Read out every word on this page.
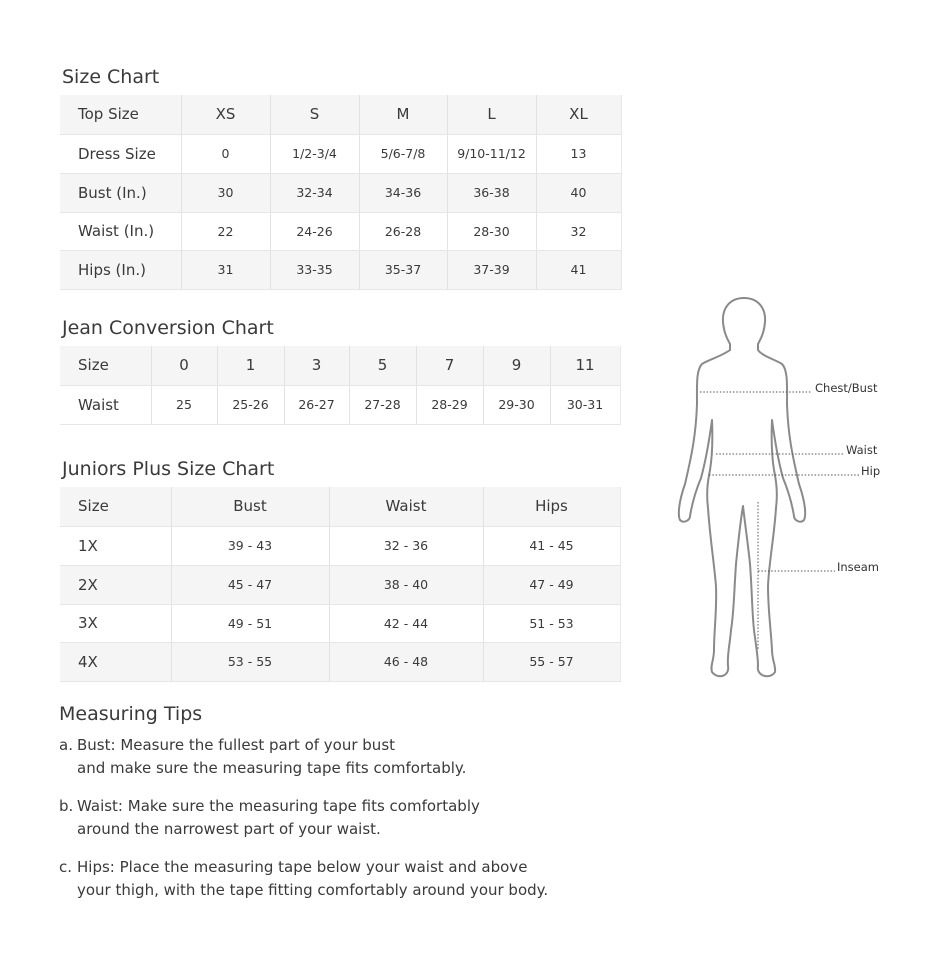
Size Chart
Top Size	XS	S	M	L	XL
Dress Size	0	1/2-3/4	5/6-7/8	9/10-11/12	13
Bust (In.)	30	32-34	34-36	36-38	40
Waist (In.)	22	24-26	26-28	28-30	32
Hips (In.)	31	33-35	35-37	37-39	41
Jean Conversion Chart
Size	0	1	3	5	7	9	11
Waist	25	25-26	26-27	27-28	28-29	29-30	30-31
Juniors Plus Size Chart
Size	Bust	Waist	Hips
1X	39 - 43	32 - 36	41 - 45
2X	45 - 47	38 - 40	47 - 49
3X	49 - 51	42 - 44	51 - 53
4X	53 - 55	46 - 48	55 - 57
Measuring Tips
a. Bust: Measure the fullest part of your bust
and make sure the measuring tape fits comfortably.
b. Waist: Make sure the measuring tape fits comfortably
around the narrowest part of your waist.
c. Hips: Place the measuring tape below your waist and above
your thigh, with the tape fitting comfortably around your body.
Chest/Bust
Waist
Hip
Inseam
